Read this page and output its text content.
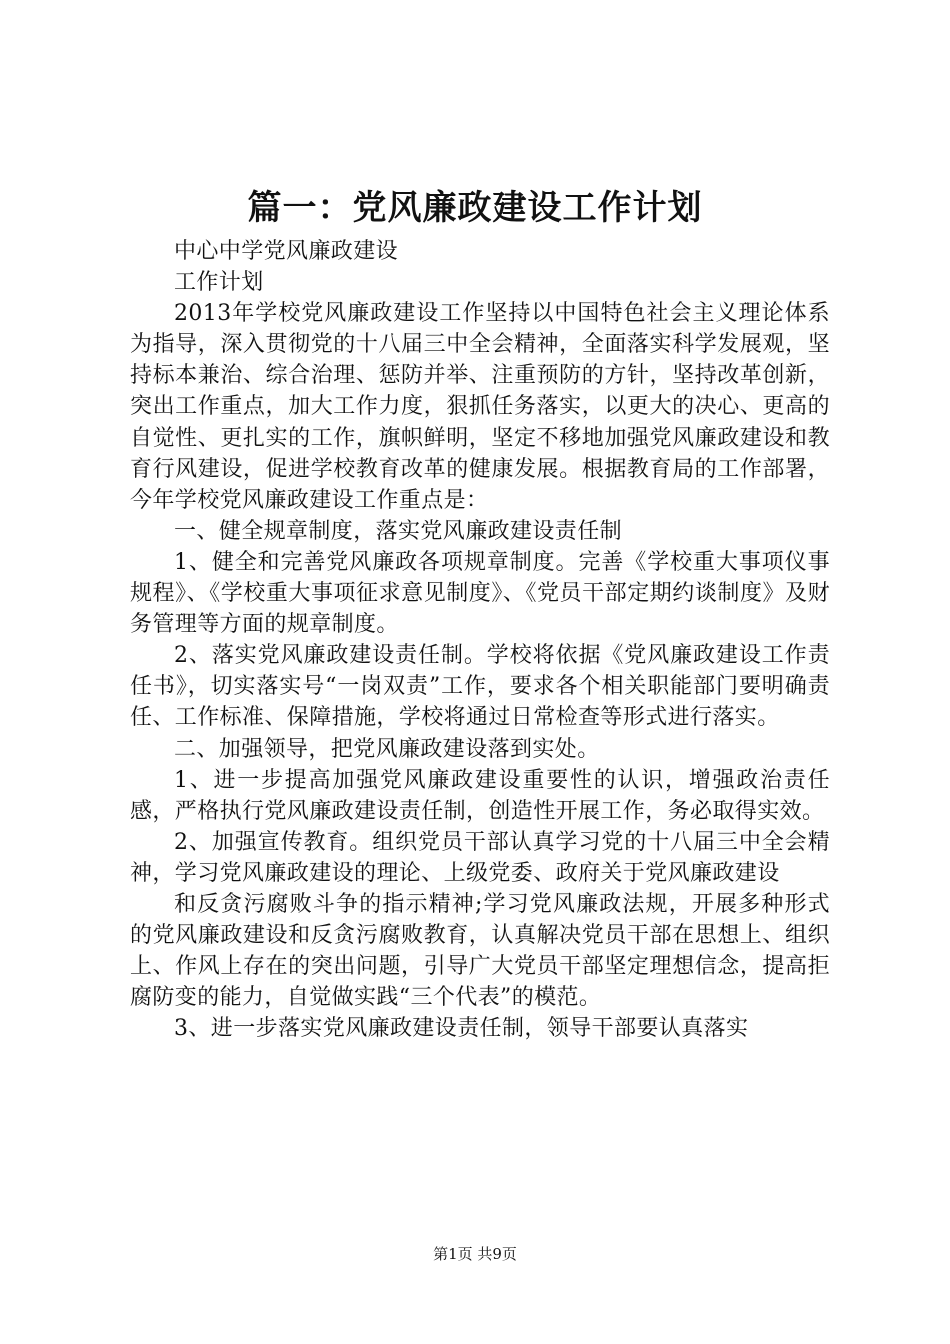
篇一：党风廉政建设工作计划

中心中学党风廉政建设

工作计划

2013年学校党风廉政建设工作坚持以中国特色社会主义理论体系为指导，深入贯彻党的十八届三中全会精神，全面落实科学发展观，坚持标本兼治、综合治理、惩防并举、注重预防的方针，坚持改革创新，突出工作重点，加大工作力度，狠抓任务落实，以更大的决心、更高的自觉性、更扎实的工作，旗帜鲜明，坚定不移地加强党风廉政建设和教育行风建设，促进学校教育改革的健康发展。根据教育局的工作部署，今年学校党风廉政建设工作重点是：

一、健全规章制度，落实党风廉政建设责任制

1、健全和完善党风廉政各项规章制度。完善《学校重大事项仪事规程》、《学校重大事项征求意见制度》、《党员干部定期约谈制度》及财务管理等方面的规章制度。

2、落实党风廉政建设责任制。学校将依据《党风廉政建设工作责任书》，切实落实号“一岗双责”工作，要求各个相关职能部门要明确责任、工作标准、保障措施，学校将通过日常检查等形式进行落实。

二、加强领导，把党风廉政建设落到实处。

1、进一步提高加强党风廉政建设重要性的认识，增强政治责任感，严格执行党风廉政建设责任制，创造性开展工作，务必取得实效。

2、加强宣传教育。组织党员干部认真学习党的十八届三中全会精神，学习党风廉政建设的理论、上级党委、政府关于党风廉政建设

和反贪污腐败斗争的指示精神;学习党风廉政法规，开展多种形式的党风廉政建设和反贪污腐败教育，认真解决党员干部在思想上、组织上、作风上存在的突出问题，引导广大党员干部坚定理想信念，提高拒腐防变的能力，自觉做实践“三个代表”的模范。

3、进一步落实党风廉政建设责任制，领导干部要认真落实

第1页 共9页
